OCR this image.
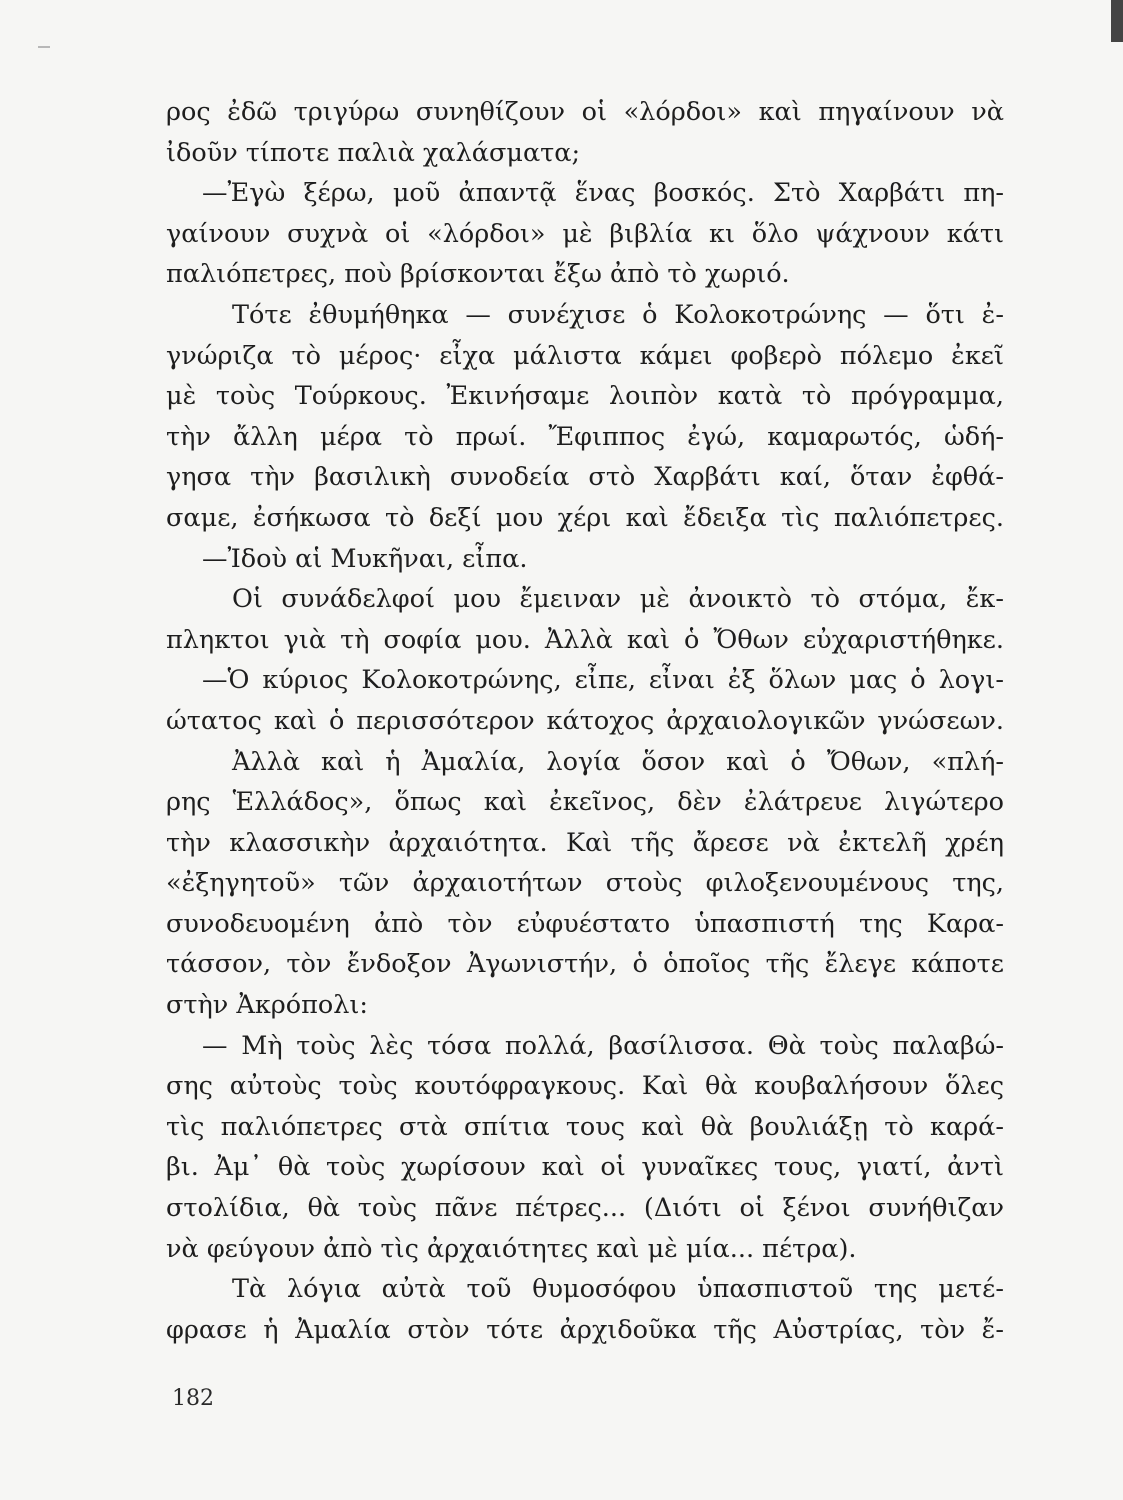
ρος ἐδῶ τριγύρω συνηθίζουν οἱ «λόρδοι» καὶ πηγαίνουν νὰ
ἰδοῦν τίποτε παλιὰ χαλάσματα;
—Ἐγὼ ξέρω, μοῦ ἀπαντᾷ ἕνας βοσκός. Στὸ Χαρβάτι πη-
γαίνουν συχνὰ οἱ «λόρδοι» μὲ βιβλία κι ὅλο ψάχνουν κάτι
παλιόπετρες, ποὺ βρίσκονται ἔξω ἀπὸ τὸ χωριό.
Τότε ἐθυμήθηκα — συνέχισε ὁ Κολοκοτρώνης — ὅτι ἐ-
γνώριζα τὸ μέρος· εἶχα μάλιστα κάμει φοβερὸ πόλεμο ἐκεῖ
μὲ τοὺς Τούρκους. Ἐκινήσαμε λοιπὸν κατὰ τὸ πρόγραμμα,
τὴν ἄλλη μέρα τὸ πρωί. Ἔφιππος ἐγώ, καμαρωτός, ὡδή-
γησα τὴν βασιλικὴ συνοδεία στὸ Χαρβάτι καί, ὅταν ἐφθά-
σαμε, ἐσήκωσα τὸ δεξί μου χέρι καὶ ἔδειξα τὶς παλιόπετρες.
—Ἰδοὺ αἱ Μυκῆναι, εἶπα.
Οἱ συνάδελφοί μου ἔμειναν μὲ ἀνοικτὸ τὸ στόμα, ἔκ-
πληκτοι γιὰ τὴ σοφία μου. Ἀλλὰ καὶ ὁ Ὄθων εὐχαριστήθηκε.
—Ὁ κύριος Κολοκοτρώνης, εἶπε, εἶναι ἐξ ὅλων μας ὁ λογι-
ώτατος καὶ ὁ περισσότερον κάτοχος ἀρχαιολογικῶν γνώσεων.
Ἀλλὰ καὶ ἡ Ἀμαλία, λογία ὅσον καὶ ὁ Ὄθων, «πλή-
ρης Ἑλλάδος», ὅπως καὶ ἐκεῖνος, δὲν ἐλάτρευε λιγώτερο
τὴν κλασσικὴν ἀρχαιότητα. Καὶ τῆς ἄρεσε νὰ ἐκτελῆ χρέη
«ἐξηγητοῦ» τῶν ἀρχαιοτήτων στοὺς φιλοξενουμένους της,
συνοδευομένη ἀπὸ τὸν εὐφυέστατο ὑπασπιστή της Καρα-
τάσσον, τὸν ἔνδοξον Ἀγωνιστήν, ὁ ὁποῖος τῆς ἔλεγε κάποτε
στὴν Ἀκρόπολι:
— Μὴ τοὺς λὲς τόσα πολλά, βασίλισσα. Θὰ τοὺς παλαβώ-
σης αὐτοὺς τοὺς κουτόφραγκους. Καὶ θὰ κουβαλήσουν ὅλες
τὶς παλιόπετρες στὰ σπίτια τους καὶ θὰ βουλιάξῃ τὸ καρά-
βι. Ἀμ᾽ θὰ τοὺς χωρίσουν καὶ οἱ γυναῖκες τους, γιατί, ἀντὶ
στολίδια, θὰ τοὺς πᾶνε πέτρες... (Διότι οἱ ξένοι συνήθιζαν
νὰ φεύγουν ἀπὸ τὶς ἀρχαιότητες καὶ μὲ μία... πέτρα).
Τὰ λόγια αὐτὰ τοῦ θυμοσόφου ὑπασπιστοῦ της μετέ-
φρασε ἡ Ἀμαλία στὸν τότε ἀρχιδοῦκα τῆς Αὐστρίας, τὸν ἔ-
182
